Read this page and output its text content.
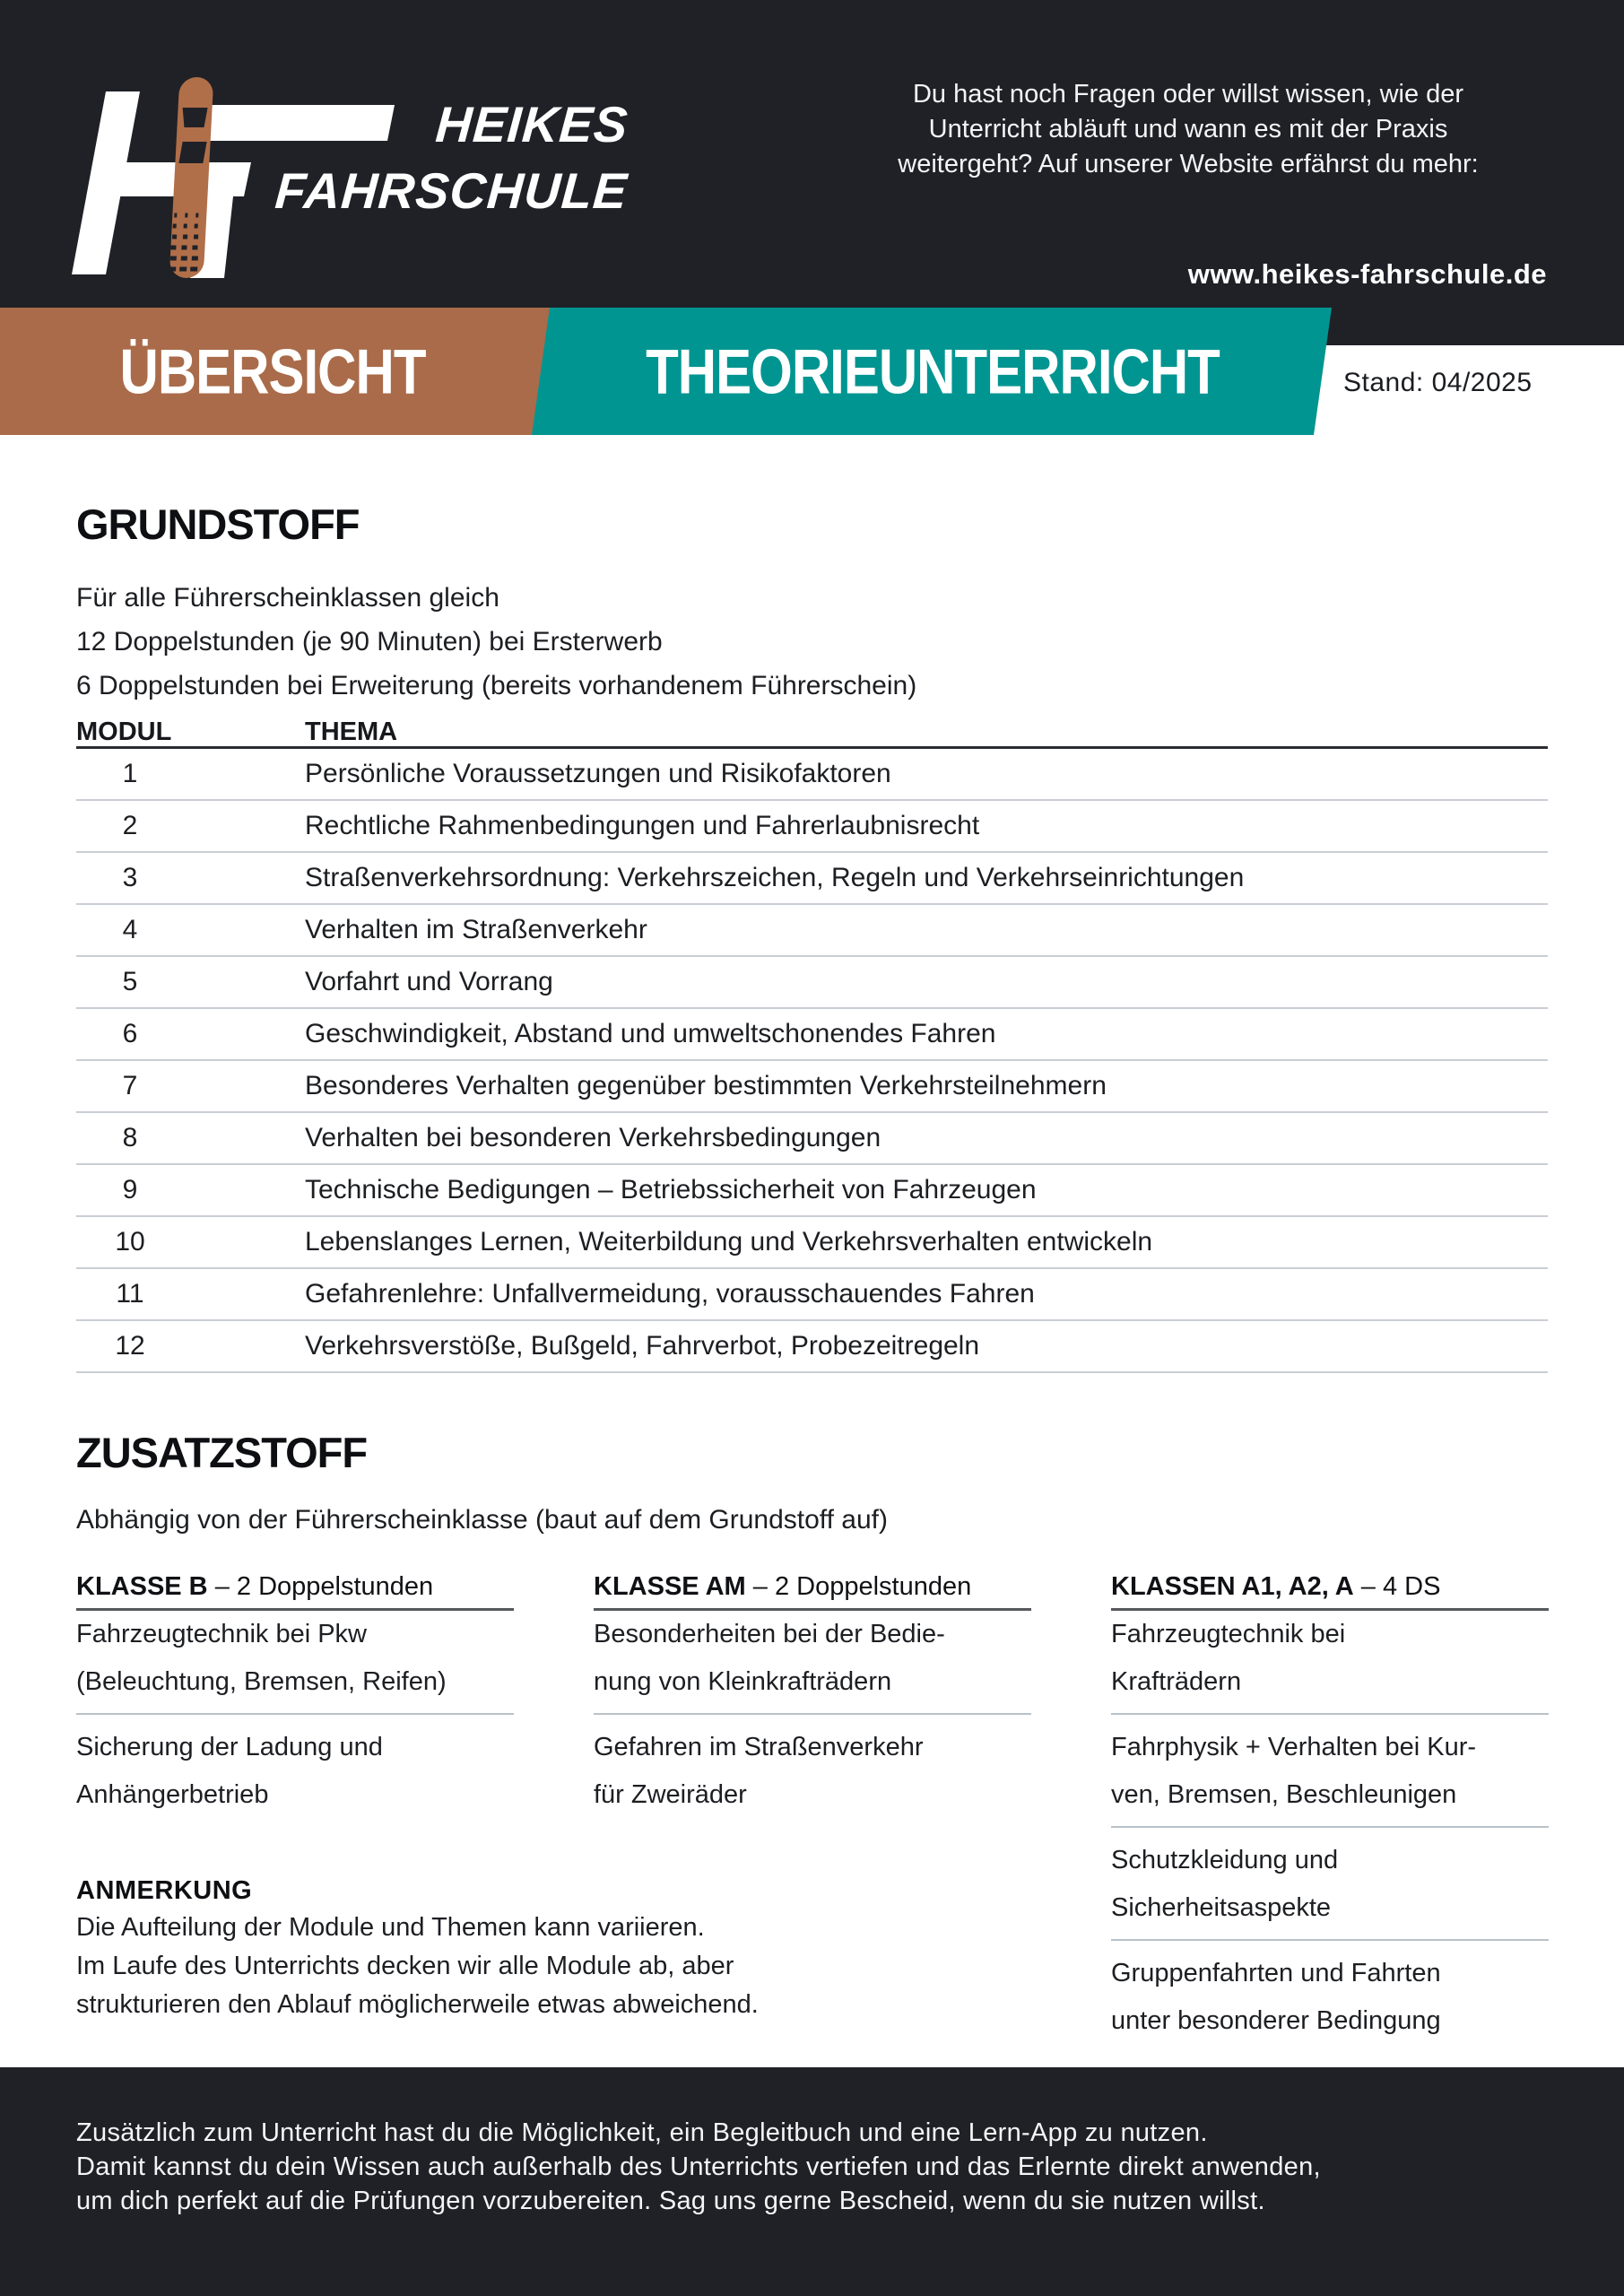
HEIKES
FAHRSCHULE
Du hast noch Fragen oder willst wissen, wie der
Unterricht abläuft und wann es mit der Praxis
weitergeht? Auf unserer Website erfährst du mehr:
www.heikes-fahrschule.de
ÜBERSICHT	THEORIEUNTERRICHT	Stand: 04/2025
GRUNDSTOFF
Für alle Führerscheinklassen gleich
12 Doppelstunden (je 90 Minuten) bei Ersterwerb
6 Doppelstunden bei Erweiterung (bereits vorhandenem Führerschein)
MODUL	THEMA
1	Persönliche Voraussetzungen und Risikofaktoren
2	Rechtliche Rahmenbedingungen und Fahrerlaubnisrecht
3	Straßenverkehrsordnung: Verkehrszeichen, Regeln und Verkehrseinrichtungen
4	Verhalten im Straßenverkehr
5	Vorfahrt und Vorrang
6	Geschwindigkeit, Abstand und umweltschonendes Fahren
7	Besonderes Verhalten gegenüber bestimmten Verkehrsteilnehmern
8	Verhalten bei besonderen Verkehrsbedingungen
9	Technische Bedigungen – Betriebssicherheit von Fahrzeugen
10	Lebenslanges Lernen, Weiterbildung und Verkehrsverhalten entwickeln
11	Gefahrenlehre: Unfallvermeidung, vorausschauendes Fahren
12	Verkehrsverstöße, Bußgeld, Fahrverbot, Probezeitregeln
ZUSATZSTOFF
Abhängig von der Führerscheinklasse (baut auf dem Grundstoff auf)
KLASSE B – 2 Doppelstunden
Fahrzeugtechnik bei Pkw
(Beleuchtung, Bremsen, Reifen)
Sicherung der Ladung und
Anhängerbetrieb
KLASSE AM – 2 Doppelstunden
Besonderheiten bei der Bedie-
nung von Kleinkrafträdern
Gefahren im Straßenverkehr
für Zweiräder
KLASSEN A1, A2, A – 4 DS
Fahrzeugtechnik bei
Krafträdern
Fahrphysik + Verhalten bei Kur-
ven, Bremsen, Beschleunigen
Schutzkleidung und
Sicherheitsaspekte
Gruppenfahrten und Fahrten
unter besonderer Bedingung
ANMERKUNG
Die Aufteilung der Module und Themen kann variieren.
Im Laufe des Unterrichts decken wir alle Module ab, aber
strukturieren den Ablauf möglicherweile etwas abweichend.
Zusätzlich zum Unterricht hast du die Möglichkeit, ein Begleitbuch und eine Lern-App zu nutzen.
Damit kannst du dein Wissen auch außerhalb des Unterrichts vertiefen und das Erlernte direkt anwenden,
um dich perfekt auf die Prüfungen vorzubereiten. Sag uns gerne Bescheid, wenn du sie nutzen willst.
